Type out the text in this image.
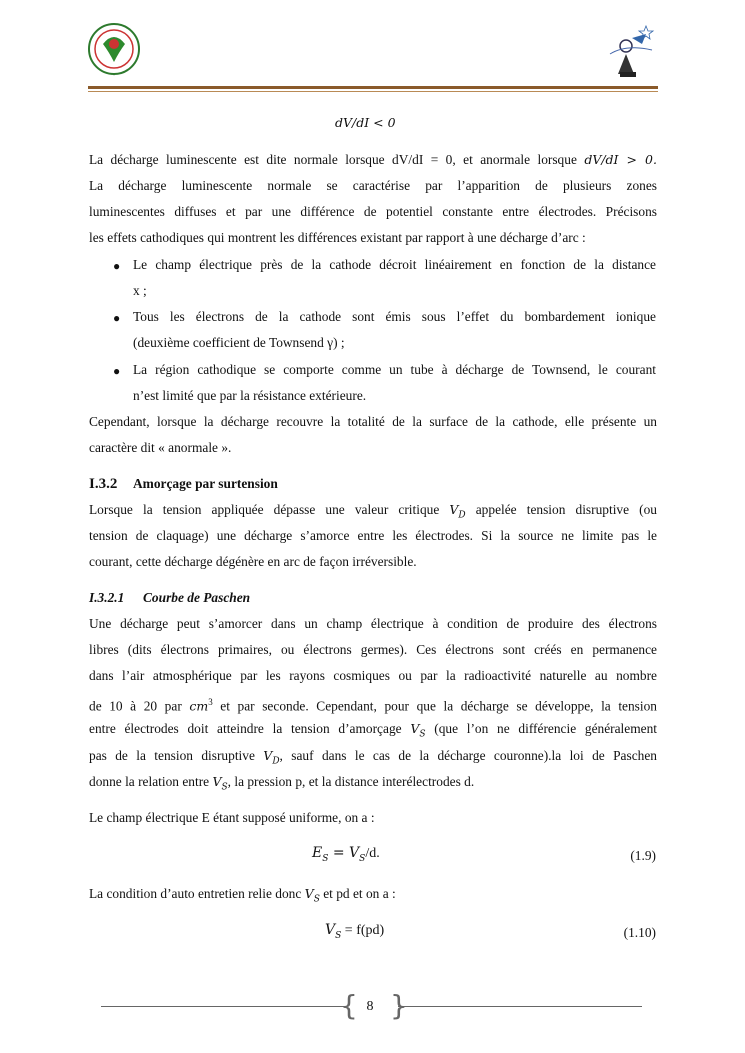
.
dV/dI < 0
La décharge luminescente est dite normale lorsque dV/dI = 0, et anormale lorsque dV/dI > 0.
La décharge luminescente normale se caractérise par l’apparition de plusieurs zones
luminescentes diffuses et par une différence de potentiel constante entre électrodes. Précisons
les effets cathodiques qui montrent les différences existant par rapport à une décharge d’arc :
● Le champ électrique près de la cathode décroit linéairement en fonction de la distance
x ;
● Tous les électrons de la cathode sont émis sous l’effet du bombardement ionique
(deuxième coefficient de Townsend γ) ;
● La région cathodique se comporte comme un tube à décharge de Townsend, le courant
n’est limité que par la résistance extérieure.
Cependant, lorsque la décharge recouvre la totalité de la surface de la cathode, elle présente un
caractère dit « anormale ».
I.3.2 Amorçage par surtension
Lorsque la tension appliquée dépasse une valeur critique $V_D$ appelée tension disruptive (ou
tension de claquage) une décharge s’amorce entre les électrodes. Si la source ne limite pas le
courant, cette décharge dégénère en arc de façon irréversible.
I.3.2.1 Courbe de Paschen
Une décharge peut s’amorcer dans un champ électrique à condition de produire des électrons
libres (dits électrons primaires, ou électrons germes). Ces électrons sont créés en permanence
dans l’air atmosphérique par les rayons cosmiques ou par la radioactivité naturelle au nombre
de 10 à 20 par $cm^3$ et par seconde. Cependant, pour que la décharge se développe, la tension
entre électrodes doit atteindre la tension d’amorçage $V_S$ (que l’on ne différencie généralement
pas de la tension disruptive $V_D$, sauf dans le cas de la décharge couronne).la loi de Paschen
donne la relation entre $V_S$, la pression p, et la distance interélectrodes d.
Le champ électrique E étant supposé uniforme, on a :
$E_S = V_S/d$.	(1.9)
La condition d’auto entretien relie donc $V_S$ et pd et on a :
$V_S = f(pd)$	(1.10)
{ }
8
